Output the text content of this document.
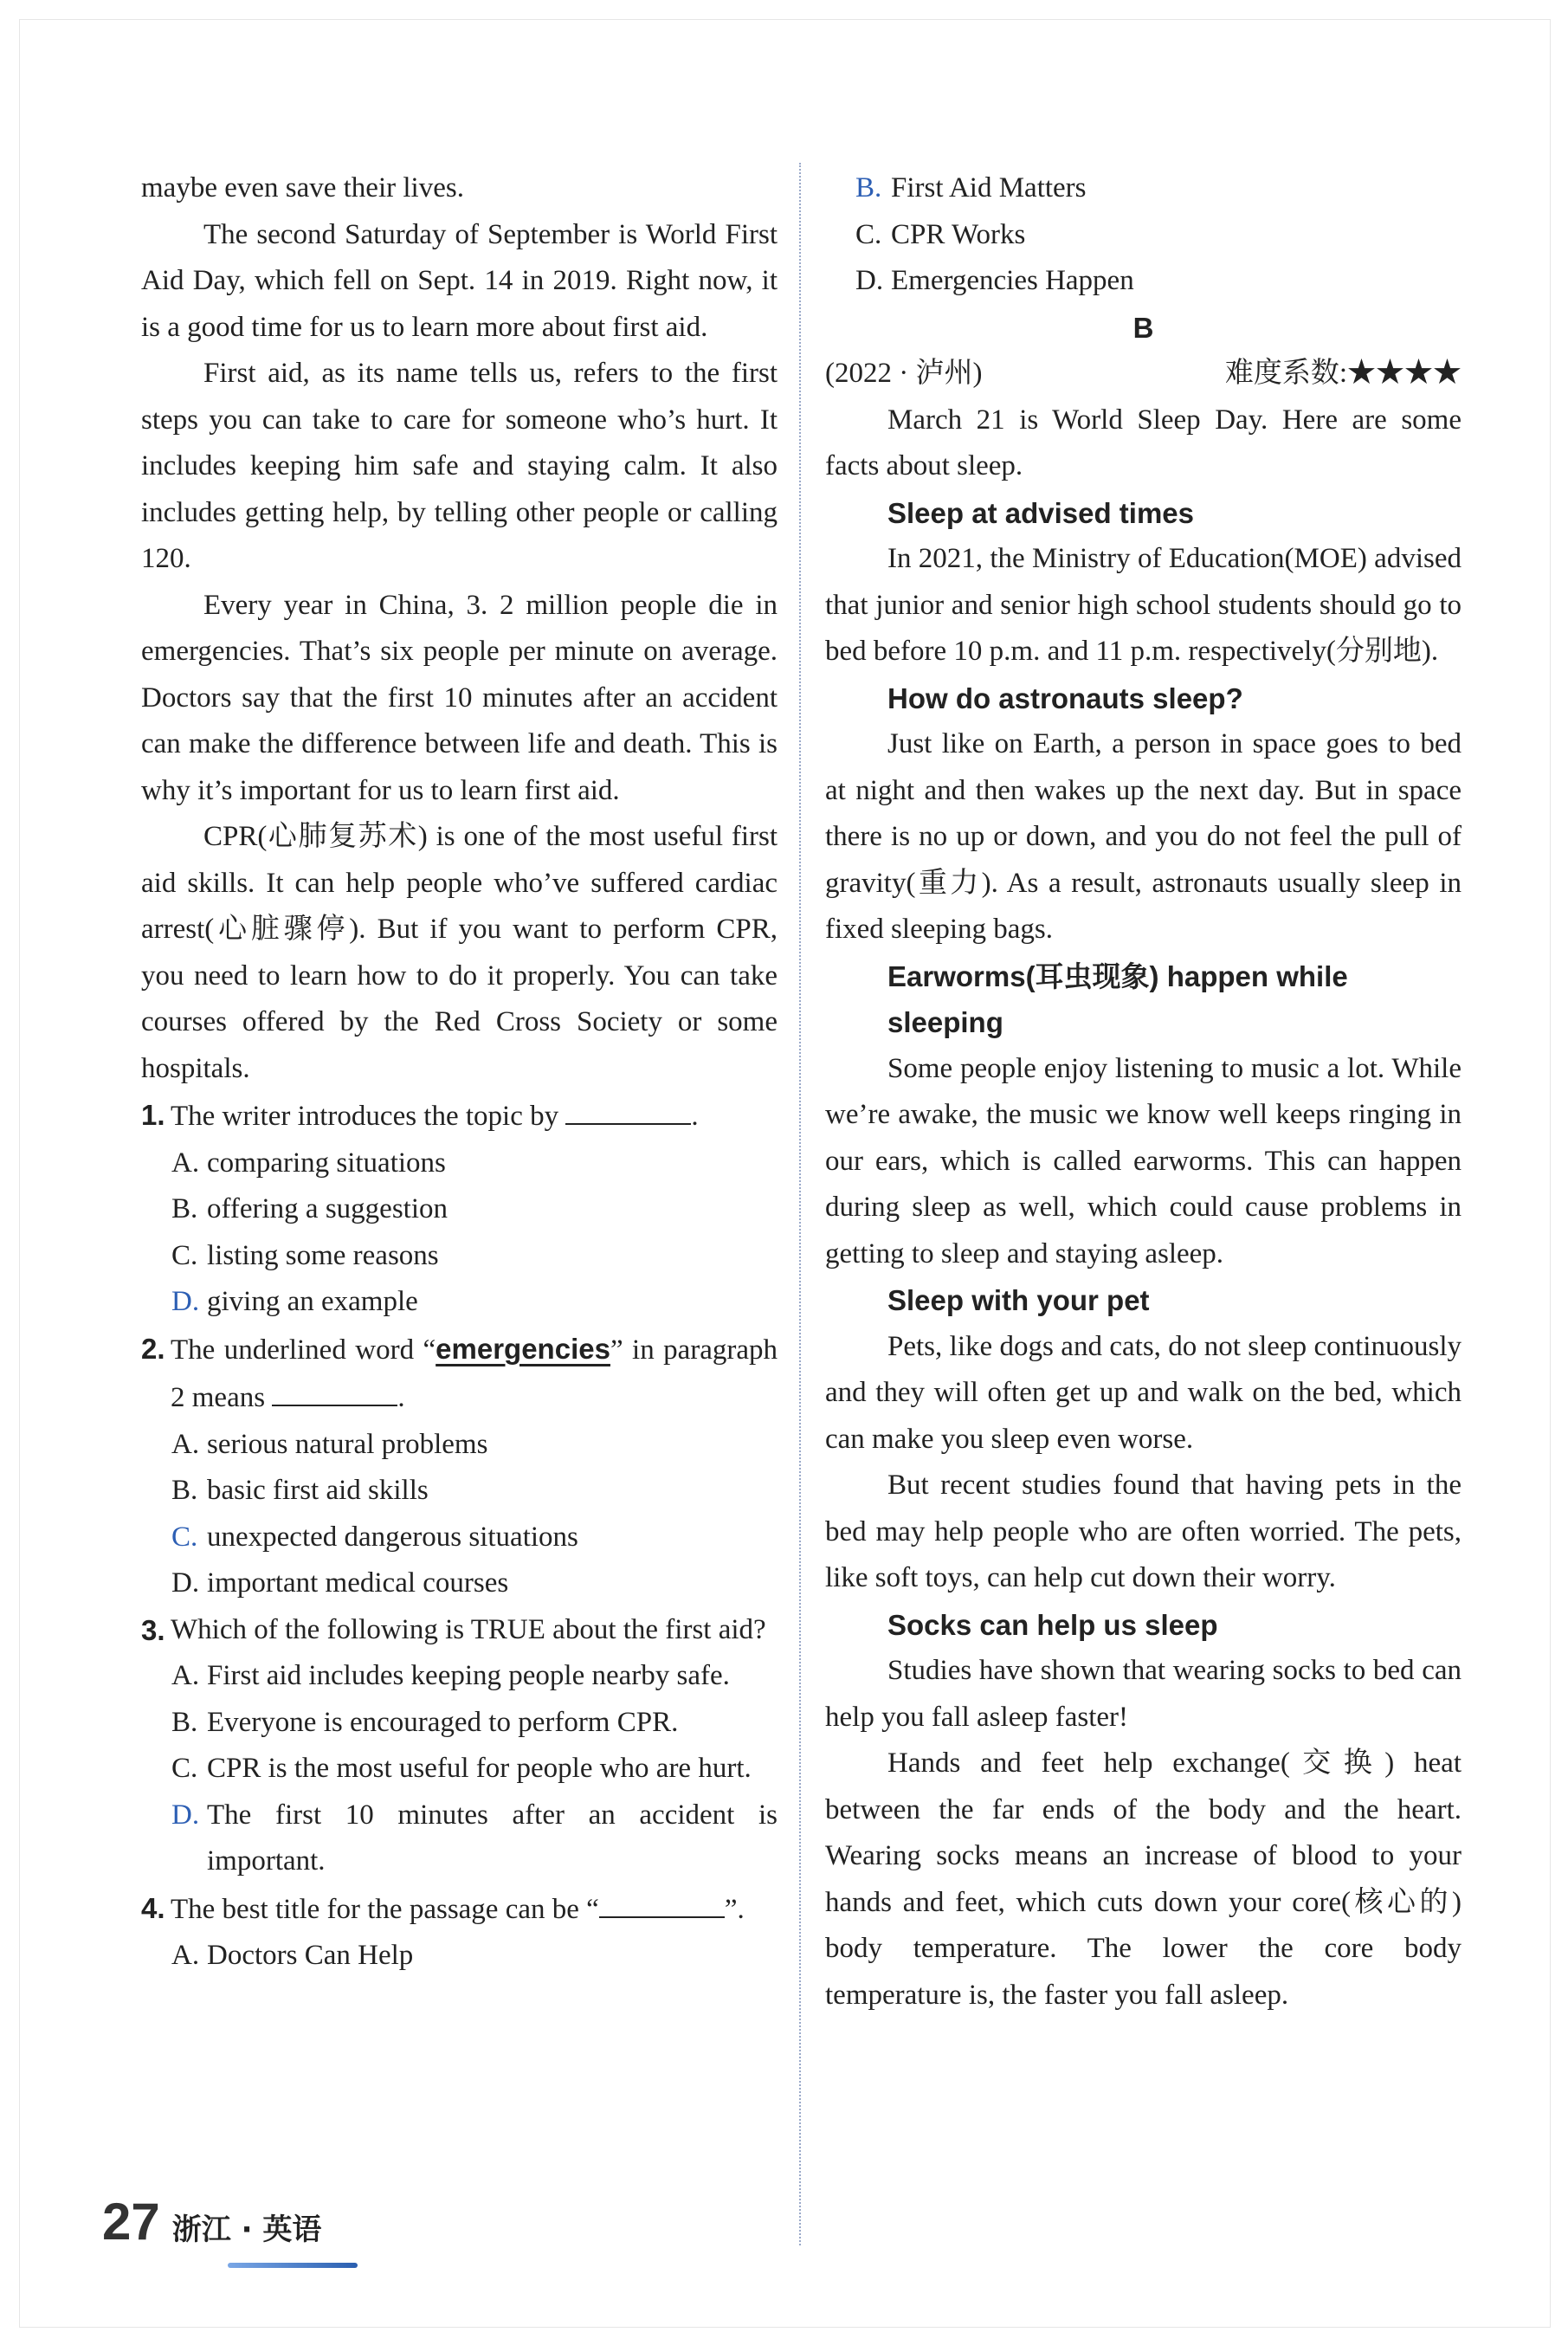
maybe even save their lives.

The second Saturday of September is World First Aid Day, which fell on Sept. 14 in 2019. Right now, it is a good time for us to learn more about first aid.

First aid, as its name tells us, refers to the first steps you can take to care for someone who’s hurt. It includes keeping him safe and staying calm. It also includes getting help, by telling other people or calling 120.

Every year in China, 3. 2 million people die in emergencies. That’s six people per minute on average. Doctors say that the first 10 minutes after an accident can make the difference between life and death. This is why it’s important for us to learn first aid.

CPR(心肺复苏术) is one of the most useful first aid skills. It can help people who’ve suffered cardiac arrest(心脏骤停). But if you want to perform CPR, you need to learn how to do it properly. You can take courses offered by the Red Cross Society or some hospitals.

1. The writer introduces the topic by	.
A. comparing situations
B. offering a suggestion
C. listing some reasons
D. giving an example
2. The underlined word “emergencies” in paragraph 2 means	.
A. serious natural problems
B. basic first aid skills
C. unexpected dangerous situations
D. important medical courses
3. Which of the following is TRUE about the first aid?
A. First aid includes keeping people nearby safe.
B. Everyone is encouraged to perform CPR.
C. CPR is the most useful for people who are hurt.
D. The first 10 minutes after an accident is important.
4. The best title for the passage can be “	”.
A. Doctors Can Help
B. First Aid Matters
C. CPR Works
D. Emergencies Happen
B
(2022 · 泸州)	难度系数:★★★★

March 21 is World Sleep Day. Here are some facts about sleep.

Sleep at advised times

In 2021, the Ministry of Education(MOE) advised that junior and senior high school students should go to bed before 10 p.m. and 11 p.m. respectively(分别地).

How do astronauts sleep?

Just like on Earth, a person in space goes to bed at night and then wakes up the next day. But in space there is no up or down, and you do not feel the pull of gravity(重力). As a result, astronauts usually sleep in fixed sleeping bags.

Earworms(耳虫现象) happen while sleeping

Some people enjoy listening to music a lot. While we’re awake, the music we know well keeps ringing in our ears, which is called earworms. This can happen during sleep as well, which could cause problems in getting to sleep and staying asleep.

Sleep with your pet

Pets, like dogs and cats, do not sleep continuously and they will often get up and walk on the bed, which can make you sleep even worse.

But recent studies found that having pets in the bed may help people who are often worried. The pets, like soft toys, can help cut down their worry.

Socks can help us sleep

Studies have shown that wearing socks to bed can help you fall asleep faster!

Hands and feet help exchange(交换) heat between the far ends of the body and the heart. Wearing socks means an increase of blood to your hands and feet, which cuts down your core(核心的) body temperature. The lower the core body temperature is, the faster you fall asleep.

27 浙江 · 英语
